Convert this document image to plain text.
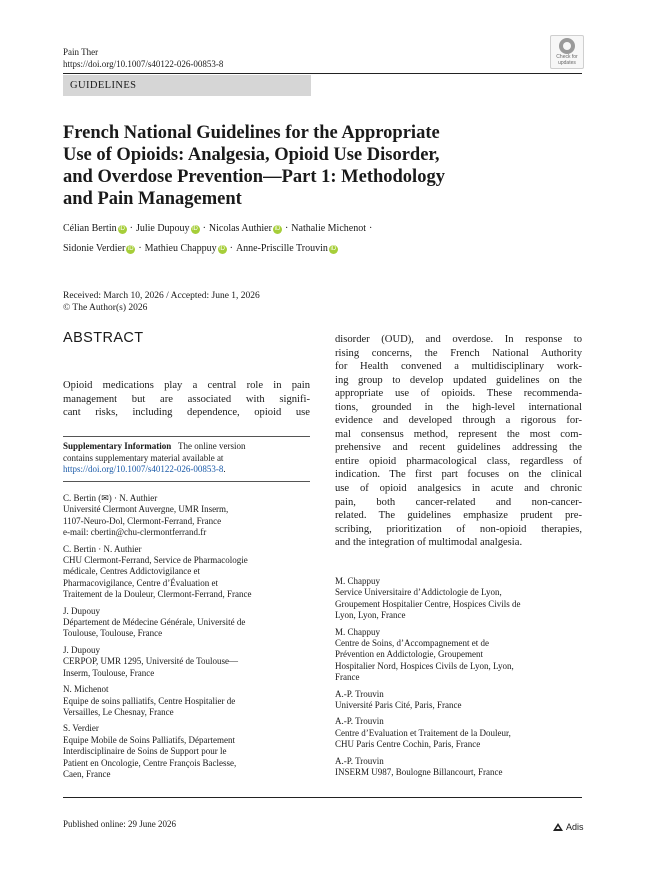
Pain Ther
https://doi.org/10.1007/s40122-026-00853-8
Check for
updates
GUIDELINES
French National Guidelines for the Appropriate
Use of Opioids: Analgesia, Opioid Use Disorder,
and Overdose Prevention—Part 1: Methodology
and Pain Management
Célian Bertin iD · Julie Dupouy iD · Nicolas Authier iD · Nathalie Michenot ·
Sidonie Verdier iD · Mathieu Chappuy iD · Anne-Priscille Trouvin iD
Received: March 10, 2026 / Accepted: June 1, 2026
© The Author(s) 2026
ABSTRACT
Opioid medications play a central role in pain
management but are associated with signifi-
cant risks, including dependence, opioid use
disorder (OUD), and overdose. In response to
rising concerns, the French National Authority
for Health convened a multidisciplinary work-
ing group to develop updated guidelines on the
appropriate use of opioids. These recommenda-
tions, grounded in the high-level international
evidence and developed through a rigorous for-
mal consensus method, represent the most com-
prehensive and recent guidelines addressing the
entire opioid pharmacological class, regardless of
indication. The first part focuses on the clinical
use of opioid analgesics in acute and chronic
pain, both cancer-related and non-cancer-
related. The guidelines emphasize prudent pre-
scribing, prioritization of non-opioid therapies,
and the integration of multimodal analgesia.
Supplementary Information The online version
contains supplementary material available at
https://doi.org/10.1007/s40122-026-00853-8.
C. Bertin (✉) · N. Authier
Université Clermont Auvergne, UMR Inserm,
1107-Neuro-Dol, Clermont-Ferrand, France
e-mail: cbertin@chu-clermontferrand.fr
C. Bertin · N. Authier
CHU Clermont-Ferrand, Service de Pharmacologie
médicale, Centres Addictovigilance et
Pharmacovigilance, Centre d’Évaluation et
Traitement de la Douleur, Clermont-Ferrand, France
J. Dupouy
Département de Médecine Générale, Université de
Toulouse, Toulouse, France
J. Dupouy
CERPOP, UMR 1295, Université de Toulouse—
Inserm, Toulouse, France
N. Michenot
Equipe de soins palliatifs, Centre Hospitalier de
Versailles, Le Chesnay, France
S. Verdier
Equipe Mobile de Soins Palliatifs, Département
Interdisciplinaire de Soins de Support pour le
Patient en Oncologie, Centre François Baclesse,
Caen, France
M. Chappuy
Service Universitaire d’Addictologie de Lyon,
Groupement Hospitalier Centre, Hospices Civils de
Lyon, Lyon, France
M. Chappuy
Centre de Soins, d’Accompagnement et de
Prévention en Addictologie, Groupement
Hospitalier Nord, Hospices Civils de Lyon, Lyon,
France
A.-P. Trouvin
Université Paris Cité, Paris, France
A.-P. Trouvin
Centre d’Evaluation et Traitement de la Douleur,
CHU Paris Centre Cochin, Paris, France
A.-P. Trouvin
INSERM U987, Boulogne Billancourt, France
Published online: 29 June 2026	Adis
